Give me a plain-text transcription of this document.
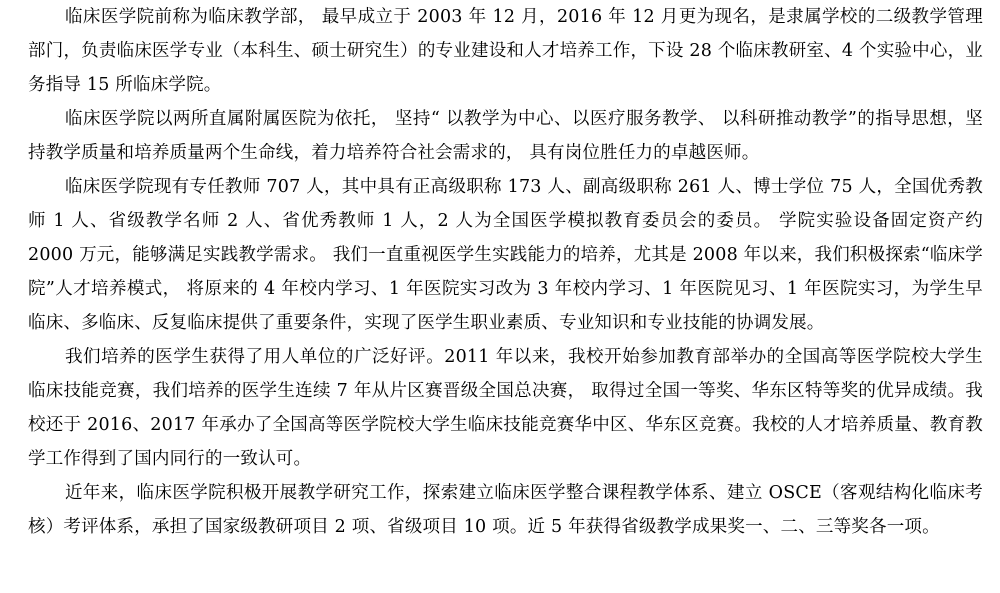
临床医学院前称为临床教学部， 最早成立于 2003 年 12 月，2016 年 12 月更为现名，是隶属学校的二级教学管理部门，负责临床医学专业（本科生、硕士研究生）的专业建设和人才培养工作，下设 28 个临床教研室、4 个实验中心，业务指导 15 所临床学院。

临床医学院以两所直属附属医院为依托， 坚持“ 以教学为中心、以医疗服务教学、 以科研推动教学”的指导思想，坚持教学质量和培养质量两个生命线，着力培养符合社会需求的， 具有岗位胜任力的卓越医师。

临床医学院现有专任教师 707 人，其中具有正高级职称 173 人、副高级职称 261 人、博士学位 75 人，全国优秀教师 1 人、省级教学名师 2 人、省优秀教师 1 人，2 人为全国医学模拟教育委员会的委员。 学院实验设备固定资产约 2000 万元，能够满足实践教学需求。 我们一直重视医学生实践能力的培养，尤其是 2008 年以来，我们积极探索“临床学院”人才培养模式， 将原来的 4 年校内学习、1 年医院实习改为 3 年校内学习、1 年医院见习、1 年医院实习，为学生早临床、多临床、反复临床提供了重要条件，实现了医学生职业素质、专业知识和专业技能的协调发展。

我们培养的医学生获得了用人单位的广泛好评。2011 年以来，我校开始参加教育部举办的全国高等医学院校大学生临床技能竞赛，我们培养的医学生连续 7 年从片区赛晋级全国总决赛， 取得过全国一等奖、华东区特等奖的优异成绩。我校还于 2016、2017 年承办了全国高等医学院校大学生临床技能竞赛华中区、华东区竞赛。我校的人才培养质量、教育教学工作得到了国内同行的一致认可。

近年来，临床医学院积极开展教学研究工作，探索建立临床医学整合课程教学体系、建立 OSCE（客观结构化临床考核）考评体系，承担了国家级教研项目 2 项、省级项目 10 项。近 5 年获得省级教学成果奖一、二、三等奖各一项。
